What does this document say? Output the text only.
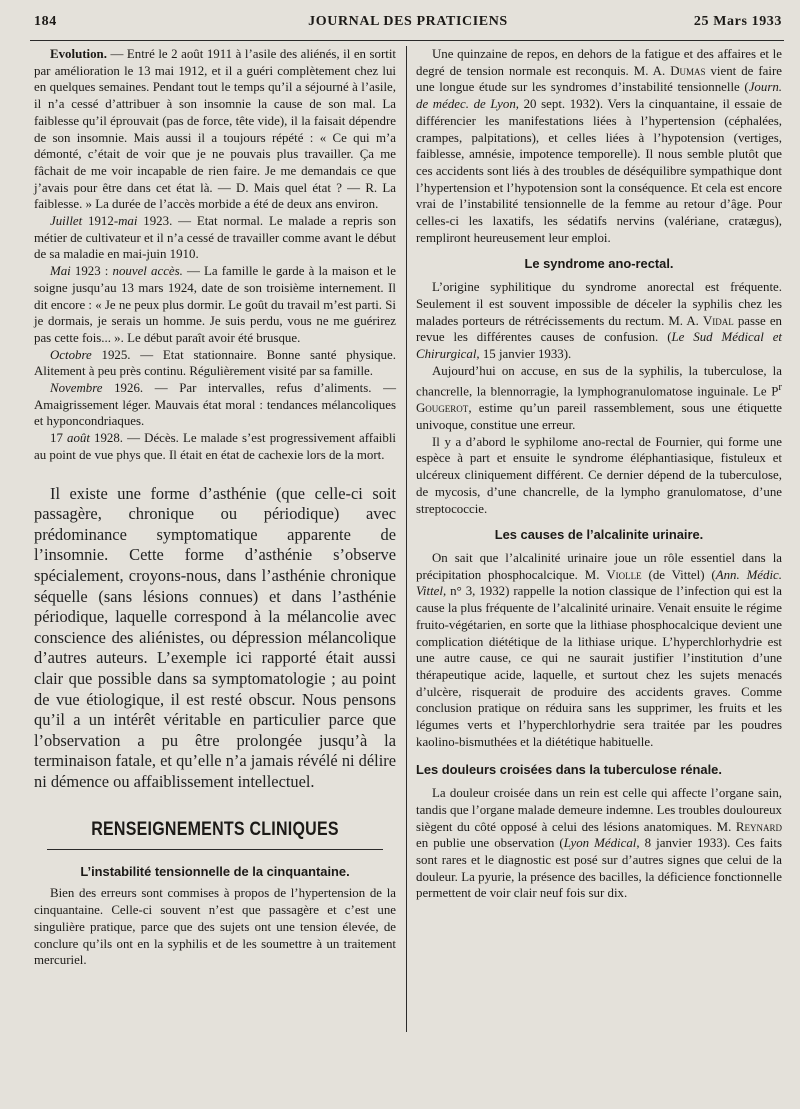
184	JOURNAL DES PRATICIENS	25 Mars 1933

Evolution. — Entré le 2 août 1911 à l’asile des aliénés, il en sortit par amélioration le 13 mai 1912, et il a guéri complètement chez lui en quelques semaines. Pendant tout le temps qu’il a séjourné à l’asile, il n’a cessé d’attribuer à son insomnie la cause de son mal. La faiblesse qu’il éprouvait (pas de force, tête vide), il la faisait dépendre de son insomnie. Mais aussi il a toujours répété : « Ce qui m’a démonté, c’était de voir que je ne pouvais plus travailler. Ça me fâchait de me voir incapable de rien faire. Je me demandais ce que j’avais pour être dans cet état là. — D. Mais quel état ? — R. La faiblesse. » La durée de l’accès morbide a été de deux ans environ.

Juillet 1912-mai 1923. — Etat normal. Le malade a repris son métier de cultivateur et il n’a cessé de travailler comme avant le début de sa maladie en mai-juin 1910.

Mai 1923 : nouvel accès. — La famille le garde à la maison et le soigne jusqu’au 13 mars 1924, date de son troisième internement. Il dit encore : « Je ne peux plus dormir. Le goût du travail m’est parti. Si je dormais, je serais un homme. Je suis perdu, vous ne me guérirez pas cette fois... ». Le début paraît avoir été brusque.

Octobre 1925. — Etat stationnaire. Bonne santé physique. Alitement à peu près continu. Régulièrement visité par sa famille.

Novembre 1926. — Par intervalles, refus d’aliments. — Amaigrissement léger. Mauvais état moral : tendances mélancoliques et hyponcondriaques.

17 août 1928. — Décès. Le malade s’est progressivement affaibli au point de vue phys que. Il était en état de cachexie lors de la mort.

Il existe une forme d’asthénie (que celle-ci soit passagère, chronique ou périodique) avec prédominance symptomatique apparente de l’insomnie. Cette forme d’asthénie s’observe spécialement, croyons-nous, dans l’asthénie chronique séquelle (sans lésions connues) et dans l’asthénie périodique, laquelle correspond à la mélancolie avec conscience des aliénistes, ou dépression mélancolique d’autres auteurs. L’exemple ici rapporté était aussi clair que possible dans sa symptomatologie ; au point de vue étiologique, il est resté obscur. Nous pensons qu’il a un intérêt véritable en particulier parce que l’observation a pu être prolongée jusqu’à la terminaison fatale, et qu’elle n’a jamais révélé ni délire ni démence ou affaiblissement intellectuel.

RENSEIGNEMENTS CLINIQUES
L’instabilité tensionnelle de la cinquantaine.

Bien des erreurs sont commises à propos de l’hypertension de la cinquantaine. Celle-ci souvent n’est que passagère et c’est une singulière pratique, parce que des sujets ont une tension élevée, de conclure qu’ils ont en la syphilis et de les soumettre à un traitement mercuriel.

Une quinzaine de repos, en dehors de la fatigue et des affaires et le degré de tension normale est reconquis. M. A. Dumas vient de faire une longue étude sur les syndromes d’instabilité tensionnelle (Journ. de médec. de Lyon, 20 sept. 1932). Vers la cinquantaine, il essaie de différencier les manifestations liées à l’hypertension (céphalées, crampes, palpitations), et celles liées à l’hypotension (vertiges, faiblesse, amnésie, impotence temporelle). Il nous semble plutôt que ces accidents sont liés à des troubles de déséquilibre sympathique dont l’hypertension et l’hypotension sont la conséquence. Et cela est encore vrai de l’instabilité tensionnelle de la femme au retour d’âge. Pour celles-ci les laxatifs, les sédatifs nervins (valériane, cratægus), rempliront heureusement leur emploi.

Le syndrome ano-rectal.

L’origine syphilitique du syndrome anorectal est fréquente. Seulement il est souvent impossible de déceler la syphilis chez les malades porteurs de rétrécissements du rectum. M. A. Vidal passe en revue les différentes causes de confusion. (Le Sud Médical et Chirurgical, 15 janvier 1933).

Aujourd’hui on accuse, en sus de la syphilis, la tuberculose, la chancrelle, la blennorragie, la lymphogranulomatose inguinale. Le $P^r$ Gougerot, estime qu’un pareil rassemblement, sous une étiquette univoque, constitue une erreur.

Il y a d’abord le syphilome ano-rectal de Fournier, qui forme une espèce à part et ensuite le syndrome éléphantiasique, fistuleux et ulcéreux cliniquement différent. Ce dernier dépend de la tuberculose, de mycosis, d’une chancrelle, de la lympho granulomatose, d’une streptococcie.

Les causes de l’alcalinite urinaire.

On sait que l’alcalinité urinaire joue un rôle essentiel dans la précipitation phosphocalcique. M. Violle (de Vittel) (Ann. Médic. Vittel, n° 3, 1932) rappelle la notion classique de l’infection qui est la cause la plus fréquente de l’alcalinité urinaire. Venait ensuite le régime fruito-végétarien, en sorte que la lithiase phosphocalcique devient une complication diététique de la lithiase urique. L’hyperchlorhydrie est une autre cause, ce qui ne saurait justifier l’institution d’une thérapeutique acide, laquelle, et surtout chez les sujets menacés d’ulcère, risquerait de produire des accidents graves. Comme conclusion pratique on réduira sans les supprimer, les fruits et les légumes verts et l’hyperchlorhydrie sera traitée par les poudres kaolino-bismuthées et la diététique habituelle.

Les douleurs croisées dans la tuberculose rénale.

La douleur croisée dans un rein est celle qui affecte l’organe sain, tandis que l’organe malade demeure indemne. Les troubles douloureux siègent du côté opposé à celui des lésions anatomiques. M. Reynard en publie une observation (Lyon Médical, 8 janvier 1933). Ces faits sont rares et le diagnostic est posé sur d’autres signes que celui de la douleur. La pyurie, la présence des bacilles, la déficience fonctionnelle permettent de voir clair neuf fois sur dix.
